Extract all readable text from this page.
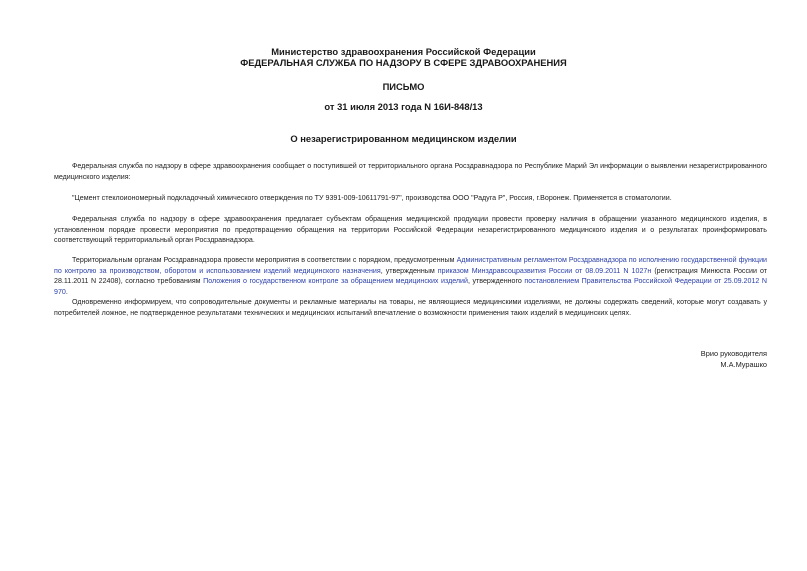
Министерство здравоохранения Российской Федерации
ФЕДЕРАЛЬНАЯ СЛУЖБА ПО НАДЗОРУ В СФЕРЕ ЗДРАВООХРАНЕНИЯ
ПИСЬМО
от 31 июля 2013 года N 16И-848/13
О незарегистрированном медицинском изделии
Федеральная служба по надзору в сфере здравоохранения сообщает о поступившей от территориального органа Росздравнадзора по Республике Марий Эл информации о выявлении незарегистрированного медицинского изделия:
"Цемент стеклоиономерный подкладочный химического отверждения по ТУ 9391-009-10611791-97", производства ООО "Радуга Р", Россия, г.Воронеж. Применяется в стоматологии.
Федеральная служба по надзору в сфере здравоохранения предлагает субъектам обращения медицинской продукции провести проверку наличия в обращении указанного медицинского изделия, в установленном порядке провести мероприятия по предотвращению обращения на территории Российской Федерации незарегистрированного медицинского изделия и о результатах проинформировать соответствующий территориальный орган Росздравнадзора.
Территориальным органам Росздравнадзора провести мероприятия в соответствии с порядком, предусмотренным Административным регламентом Росздравнадзора по исполнению государственной функции по контролю за производством, оборотом и использованием изделий медицинского назначения, утвержденным приказом Минздравсоцразвития России от 08.09.2011 N 1027н (регистрация Минюста России от 28.11.2011 N 22408), согласно требованиям Положения о государственном контроле за обращением медицинских изделий, утвержденного постановлением Правительства Российской Федерации от 25.09.2012 N 970.
Одновременно информируем, что сопроводительные документы и рекламные материалы на товары, не являющиеся медицинскими изделиями, не должны содержать сведений, которые могут создавать у потребителей ложное, не подтвержденное результатами технических и медицинских испытаний впечатление о возможности применения таких изделий в медицинских целях.
Врио руководителя
М.А.Мурашко
